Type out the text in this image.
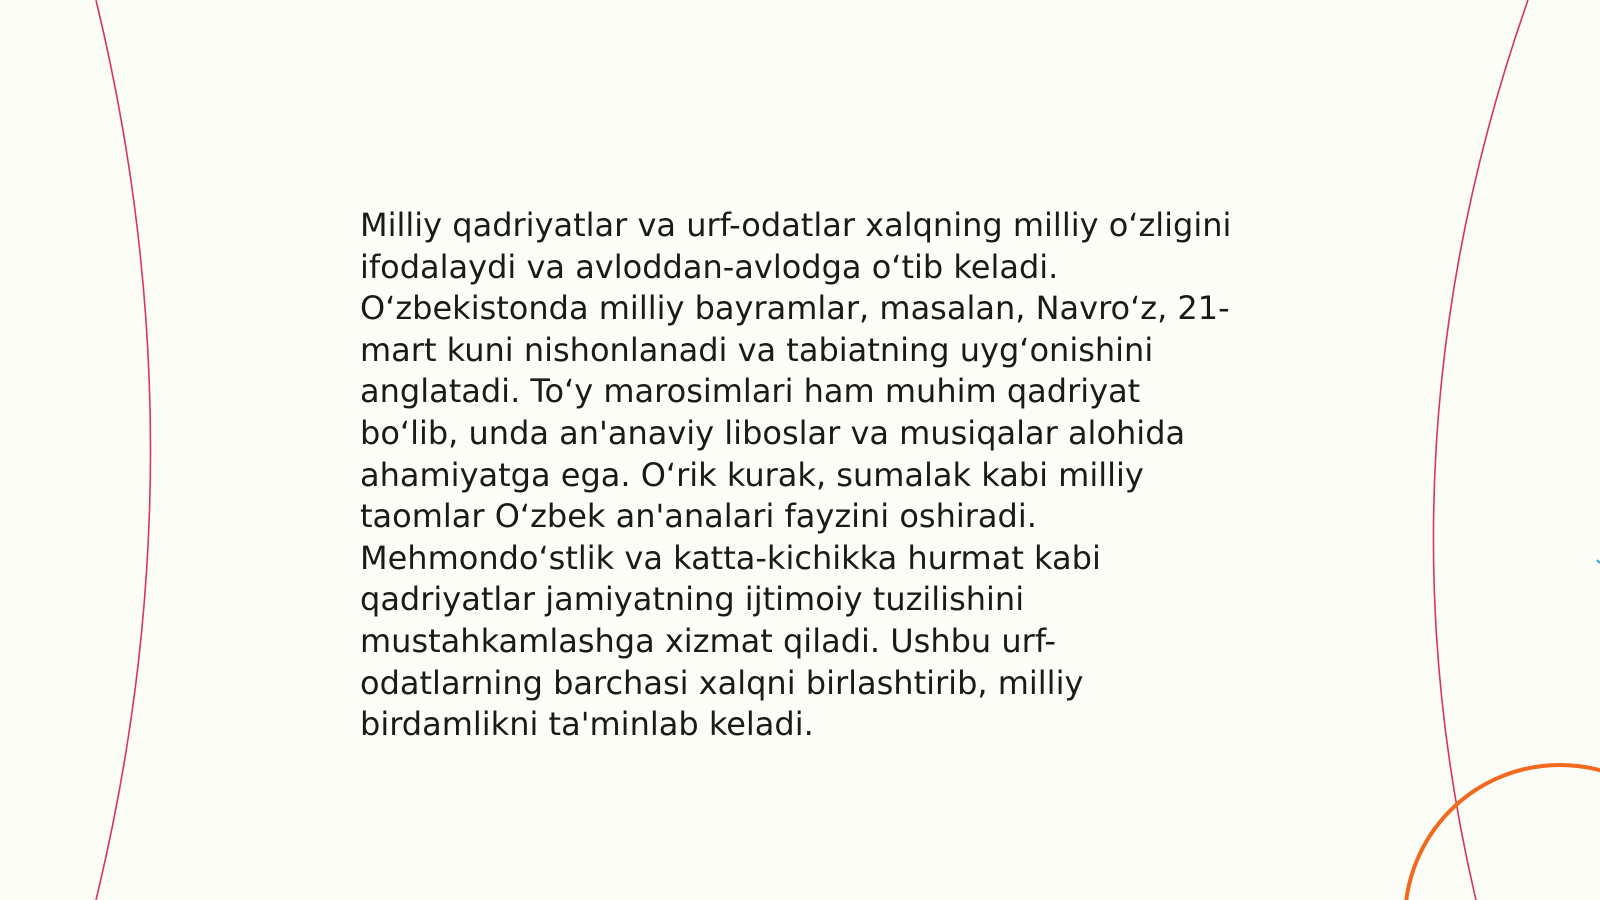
Milliy qadriyatlar va urf-odatlar xalqning milliy oʻzligini
ifodalaydi va avloddan-avlodga oʻtib keladi.
Oʻzbekistonda milliy bayramlar, masalan, Navroʻz, 21-
mart kuni nishonlanadi va tabiatning uygʻonishini
anglatadi. Toʻy marosimlari ham muhim qadriyat
boʻlib, unda an'anaviy liboslar va musiqalar alohida
ahamiyatga ega. Oʻrik kurak, sumalak kabi milliy
taomlar Oʻzbek an'analari fayzini oshiradi.
Mehmondoʻstlik va katta-kichikka hurmat kabi
qadriyatlar jamiyatning ijtimoiy tuzilishini
mustahkamlashga xizmat qiladi. Ushbu urf-
odatlarning barchasi xalqni birlashtirib, milliy
birdamlikni ta'minlab keladi.
